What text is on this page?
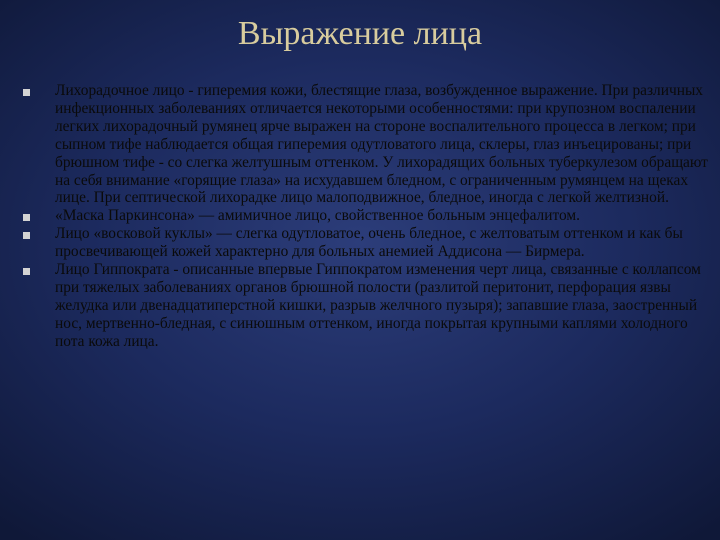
Выражение лица
Лихорадочное лицо - гиперемия кожи, блестящие глаза, возбужденное выражение. При различных инфекционных заболеваниях отличается некоторыми особенностями: при крупозном воспалении легких лихорадочный румянец ярче выражен на стороне воспалительного процесса в легком; при сыпном тифе наблюдается общая гиперемия одутловатого лица, склеры, глаз инъецированы; при брюшном тифе - со слегка желтушным оттенком. У лихорадящих больных туберкулезом обращают на себя внимание «горящие глаза» на исхудавшем бледном, с ограниченным румянцем на щеках лице. При септической лихорадке лицо малоподвижное, бледное, иногда с легкой желтизной.
«Маска Паркинсона» — амимичное лицо, свойственное больным энцефалитом.
Лицо «восковой куклы» — слегка одутловатое, очень бледное, с желтоватым оттенком и как бы просвечивающей кожей характерно для больных анемией Аддисона — Бирмера.
Лицо Гиппократа - описанные впервые Гиппократом изменения черт лица, связанные с коллапсом при тяжелых заболеваниях органов брюшной полости (разлитой перитонит, перфорация язвы желудка или двенадцатиперстной кишки, разрыв желчного пузыря); запавшие глаза, заостренный нос, мертвенно-бледная, с синюшным оттенком, иногда покрытая крупными каплями холодного пота кожа лица.
